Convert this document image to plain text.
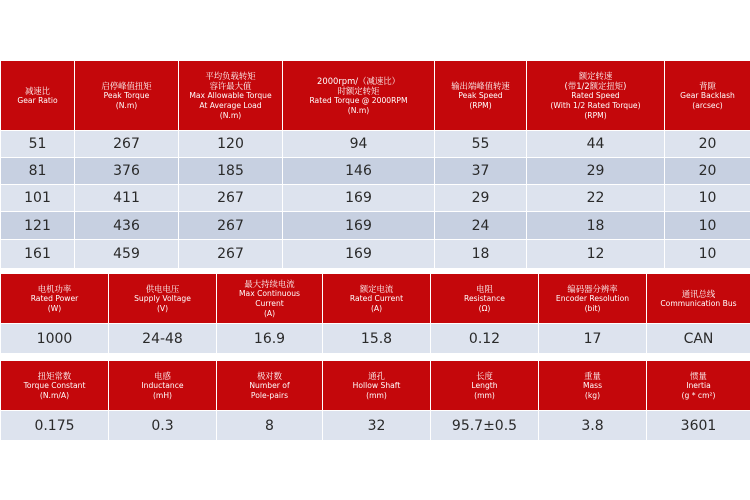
减速比
Gear Ratio	启停峰值扭矩
Peak Torque
(N.m)	平均负载转矩
容许最大值
Max Allowable Torque
At Average Load
(N.m)	2000rpm/（减速比）
时额定转矩
Rated Torque @ 2000RPM
(N.m)	输出端峰值转速
Peak Speed
(RPM)	额定转速
(带1/2额定扭矩)
Rated Speed
(With 1/2 Rated Torque)
(RPM)	背隙
Gear Backlash
(arcsec)

51	267	120	94	55	44	20
81	376	185	146	37	29	20
101	411	267	169	29	22	10
121	436	267	169	24	18	10
161	459	267	169	18	12	10
电机功率
Rated Power
(W)	供电电压
Supply Voltage
(V)	最大持续电流
Max Continuous
Current
(A)	额定电流
Rated Current
(A)	电阻
Resistance
(Ω)	编码器分辨率
Encoder Resolution
(bit)	通讯总线
Communication Bus

1000	24-48	16.9	15.8	0.12	17	CAN
扭矩常数
Torque Constant
(N.m/A)	电感
Inductance
(mH)	极对数
Number of
Pole-pairs	通孔
Hollow Shaft
(mm)	长度
Length
(mm)	重量
Mass
(kg)	惯量
Inertia
(g * cm²)

0.175	0.3	8	32	95.7±0.5	3.8	3601
